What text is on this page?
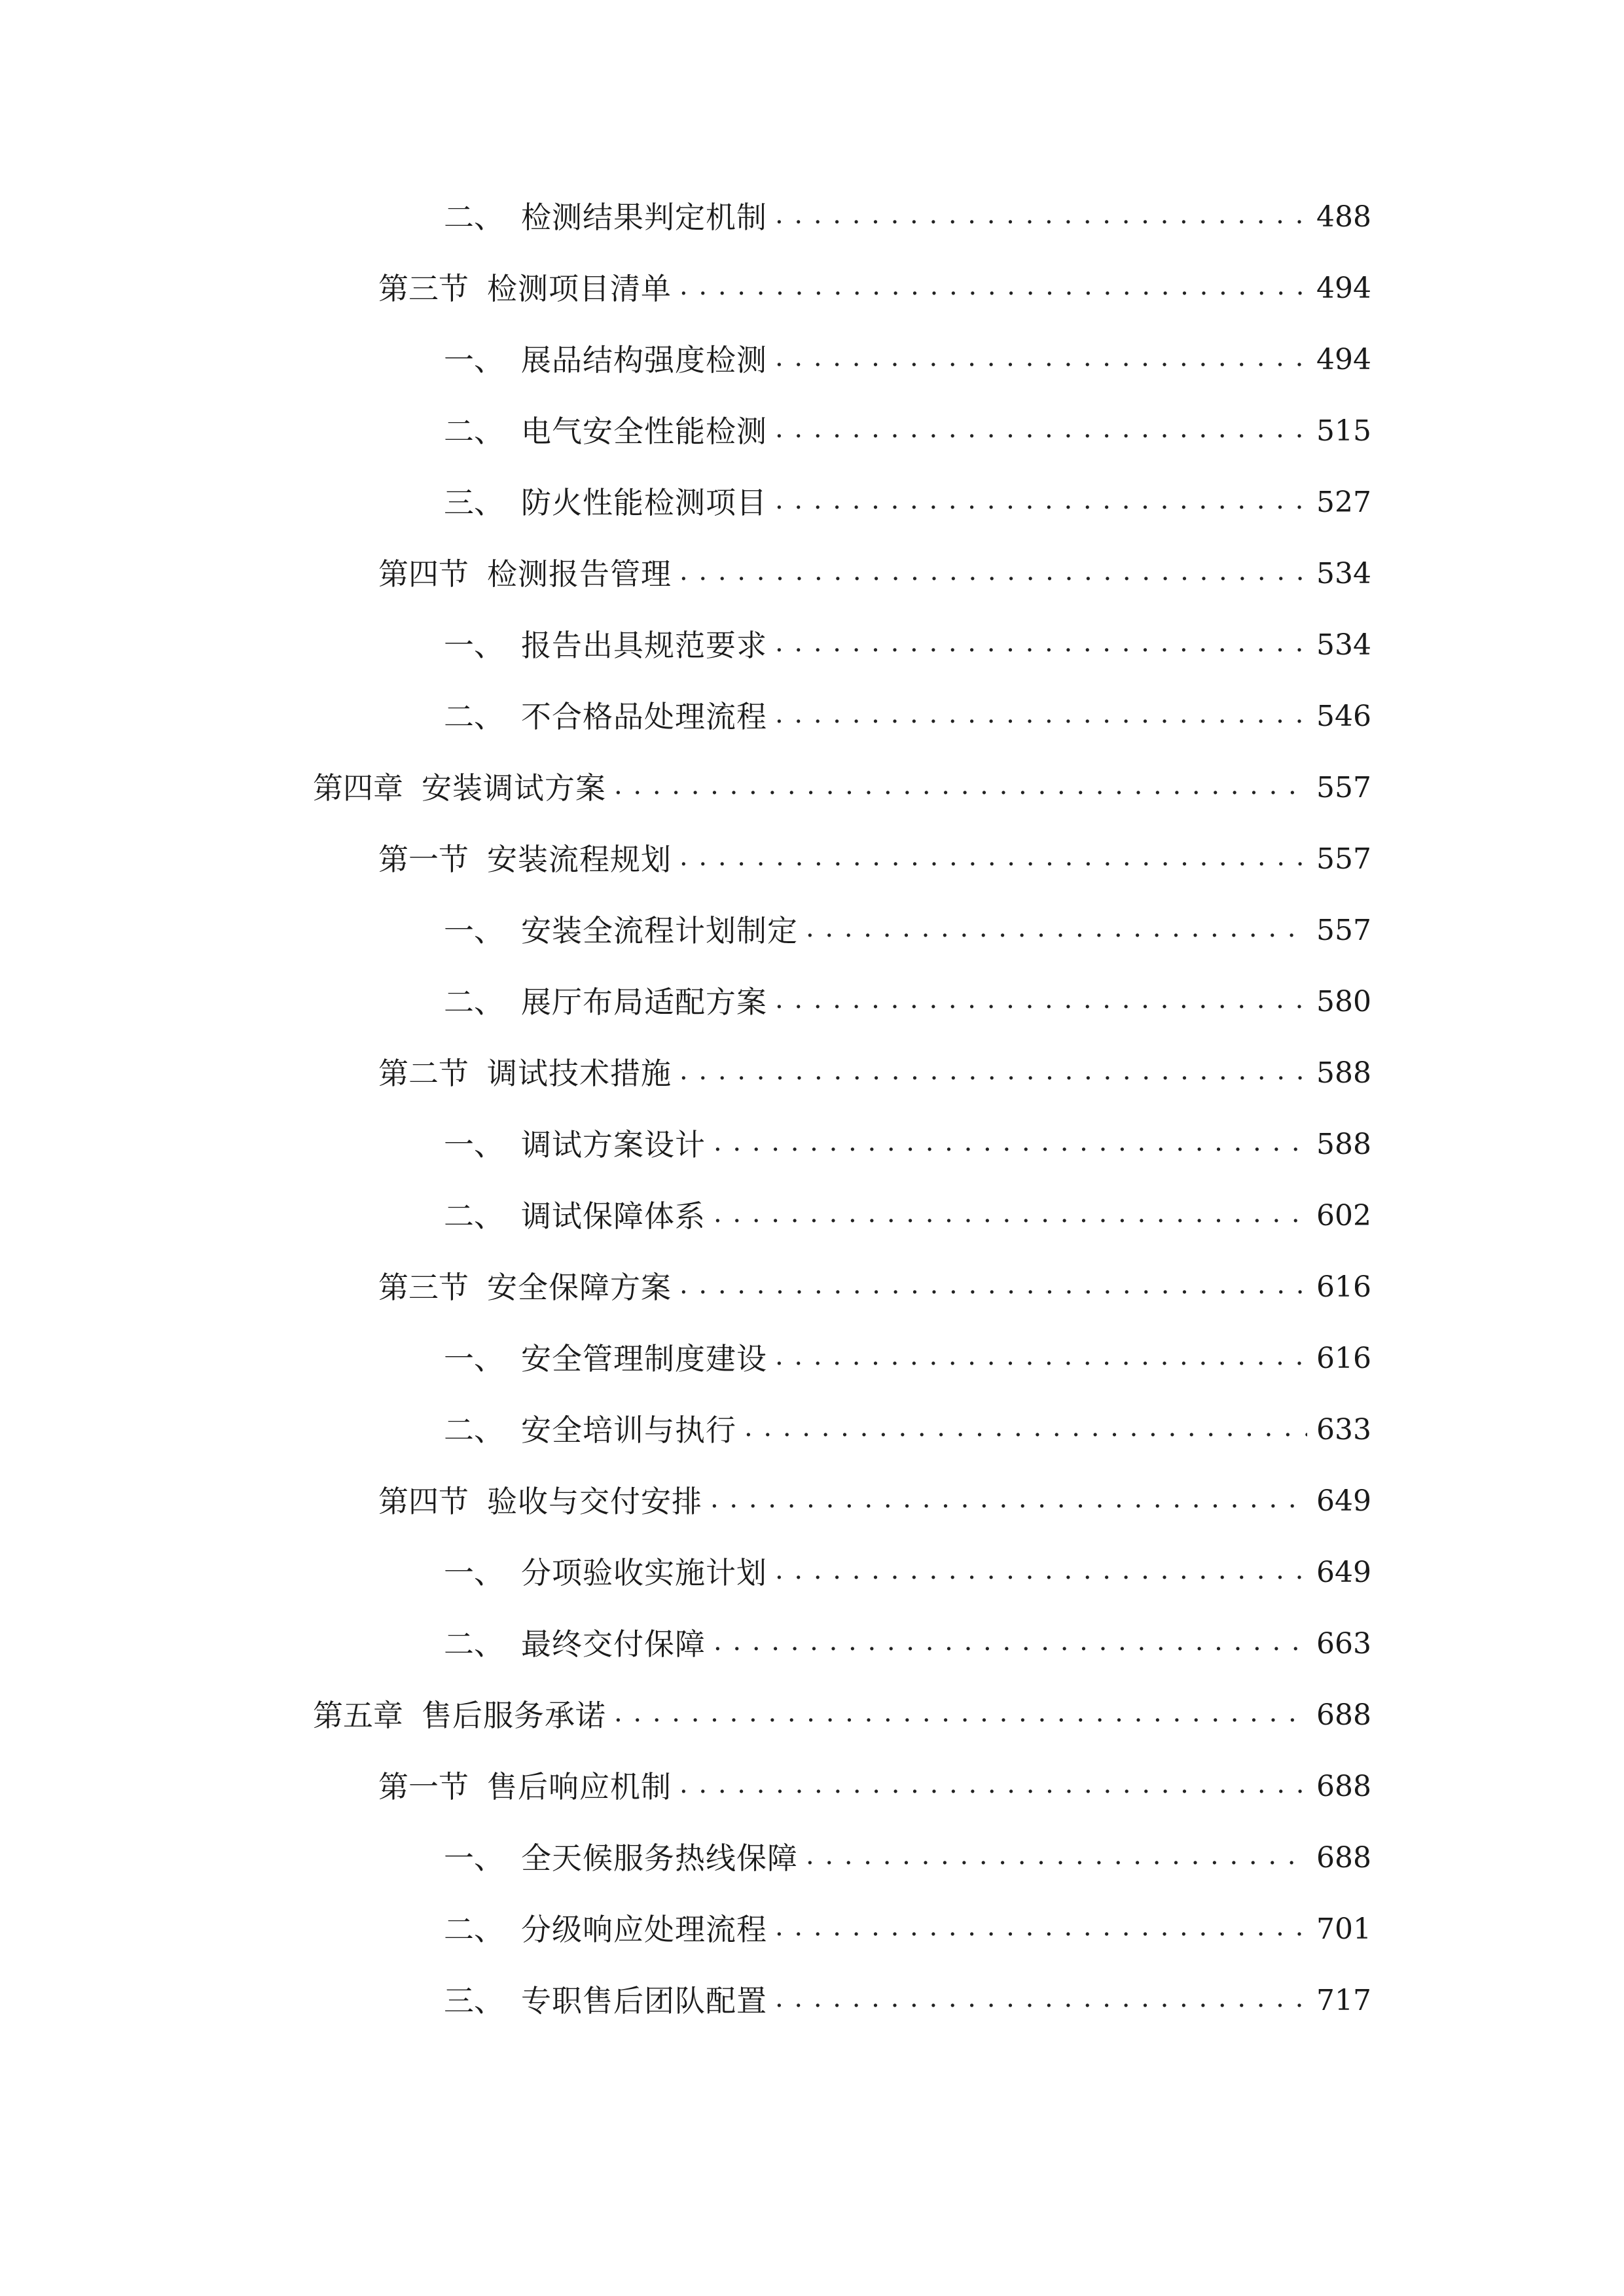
二、 检测结果判定机制 . . .	488
第三节 检测项目清单 . . .	494
一、 展品结构强度检测 . . .	494
二、 电气安全性能检测 . . .	515
三、 防火性能检测项目 . . .	527
第四节 检测报告管理 . . .	534
一、 报告出具规范要求 . . .	534
二、 不合格品处理流程 . . .	546
第四章 安装调试方案 . . .	557
第一节 安装流程规划 . . .	557
一、 安装全流程计划制定 . . .	557
二、 展厅布局适配方案 . . .	580
第二节 调试技术措施 . . .	588
一、 调试方案设计 . . .	588
二、 调试保障体系 . . .	602
第三节 安全保障方案 . . .	616
一、 安全管理制度建设 . . .	616
二、 安全培训与执行 . . .	633
第四节 验收与交付安排 . . .	649
一、 分项验收实施计划 . . .	649
二、 最终交付保障 . . .	663
第五章 售后服务承诺 . . .	688
第一节 售后响应机制 . . .	688
一、 全天候服务热线保障 . . .	688
二、 分级响应处理流程 . . .	701
三、 专职售后团队配置 . . .	717
